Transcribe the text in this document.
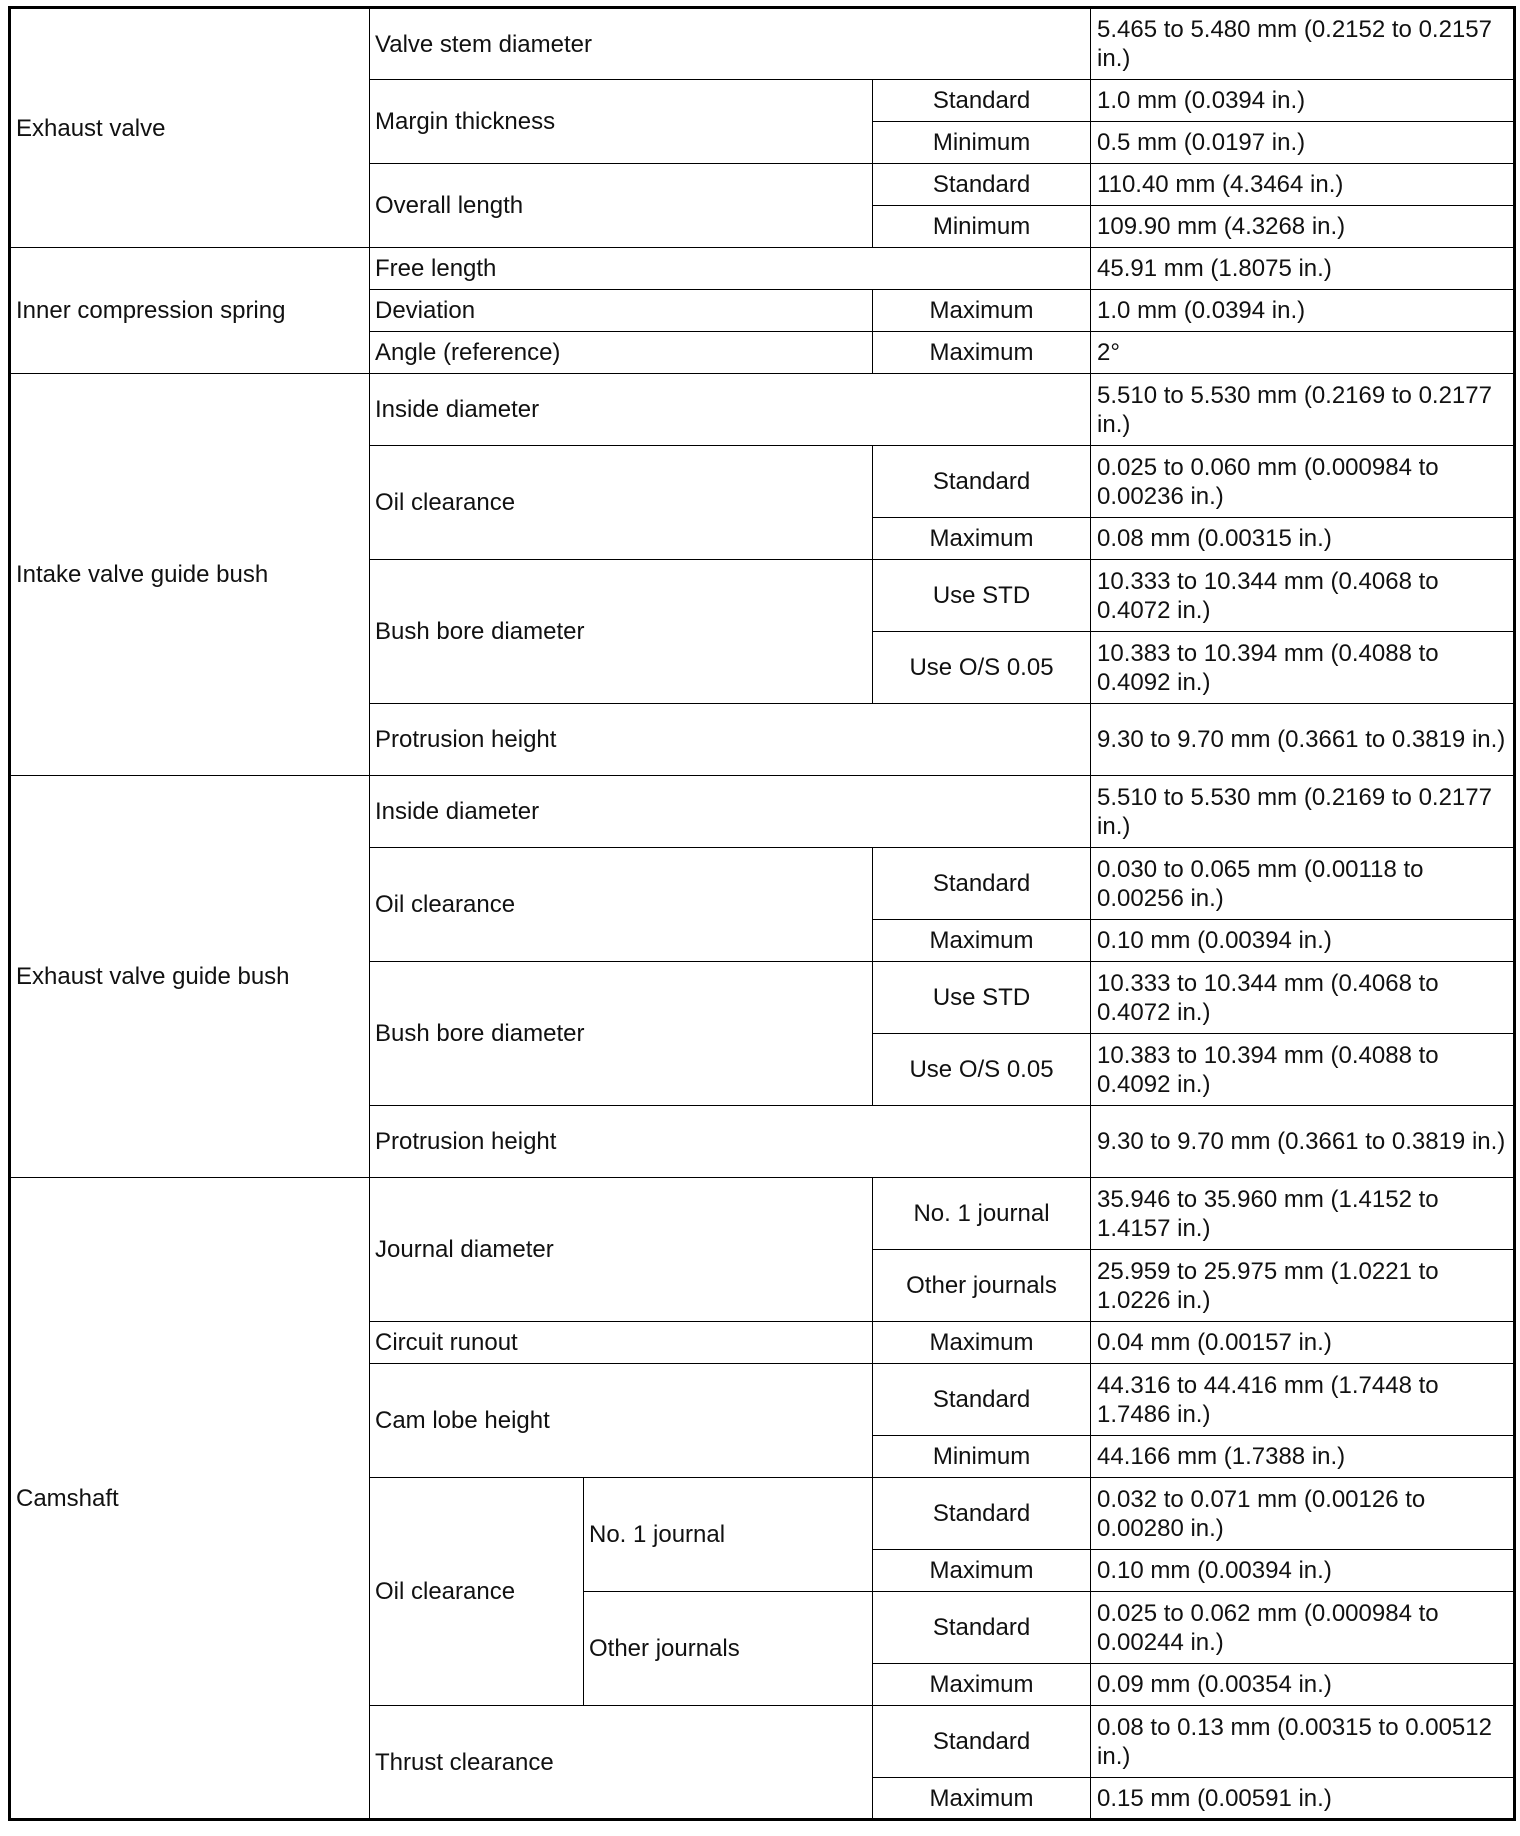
Exhaust valve	Valve stem diameter			5.465 to 5.480 mm (0.2152 to 0.2157 in.)
	Margin thickness		Standard	1.0 mm (0.0394 in.)
			Minimum	0.5 mm (0.0197 in.)
	Overall length		Standard	110.40 mm (4.3464 in.)
			Minimum	109.90 mm (4.3268 in.)
Inner compression spring	Free length			45.91 mm (1.8075 in.)
	Deviation		Maximum	1.0 mm (0.0394 in.)
	Angle (reference)		Maximum	2°
Intake valve guide bush	Inside diameter			5.510 to 5.530 mm (0.2169 to 0.2177 in.)
	Oil clearance		Standard	0.025 to 0.060 mm (0.000984 to 0.00236 in.)
			Maximum	0.08 mm (0.00315 in.)
	Bush bore diameter		Use STD	10.333 to 10.344 mm (0.4068 to 0.4072 in.)
			Use O/S 0.05	10.383 to 10.394 mm (0.4088 to 0.4092 in.)
	Protrusion height			9.30 to 9.70 mm (0.3661 to 0.3819 in.)
Exhaust valve guide bush	Inside diameter			5.510 to 5.530 mm (0.2169 to 0.2177 in.)
	Oil clearance		Standard	0.030 to 0.065 mm (0.00118 to 0.00256 in.)
			Maximum	0.10 mm (0.00394 in.)
	Bush bore diameter		Use STD	10.333 to 10.344 mm (0.4068 to 0.4072 in.)
			Use O/S 0.05	10.383 to 10.394 mm (0.4088 to 0.4092 in.)
	Protrusion height			9.30 to 9.70 mm (0.3661 to 0.3819 in.)
Camshaft	Journal diameter		No. 1 journal	35.946 to 35.960 mm (1.4152 to 1.4157 in.)
			Other journals	25.959 to 25.975 mm (1.0221 to 1.0226 in.)
	Circuit runout		Maximum	0.04 mm (0.00157 in.)
	Cam lobe height		Standard	44.316 to 44.416 mm (1.7448 to 1.7486 in.)
			Minimum	44.166 mm (1.7388 in.)
	Oil clearance	No. 1 journal	Standard	0.032 to 0.071 mm (0.00126 to 0.00280 in.)
			Maximum	0.10 mm (0.00394 in.)
		Other journals	Standard	0.025 to 0.062 mm (0.000984 to 0.00244 in.)
			Maximum	0.09 mm (0.00354 in.)
	Thrust clearance		Standard	0.08 to 0.13 mm (0.00315 to 0.00512 in.)
			Maximum	0.15 mm (0.00591 in.)
